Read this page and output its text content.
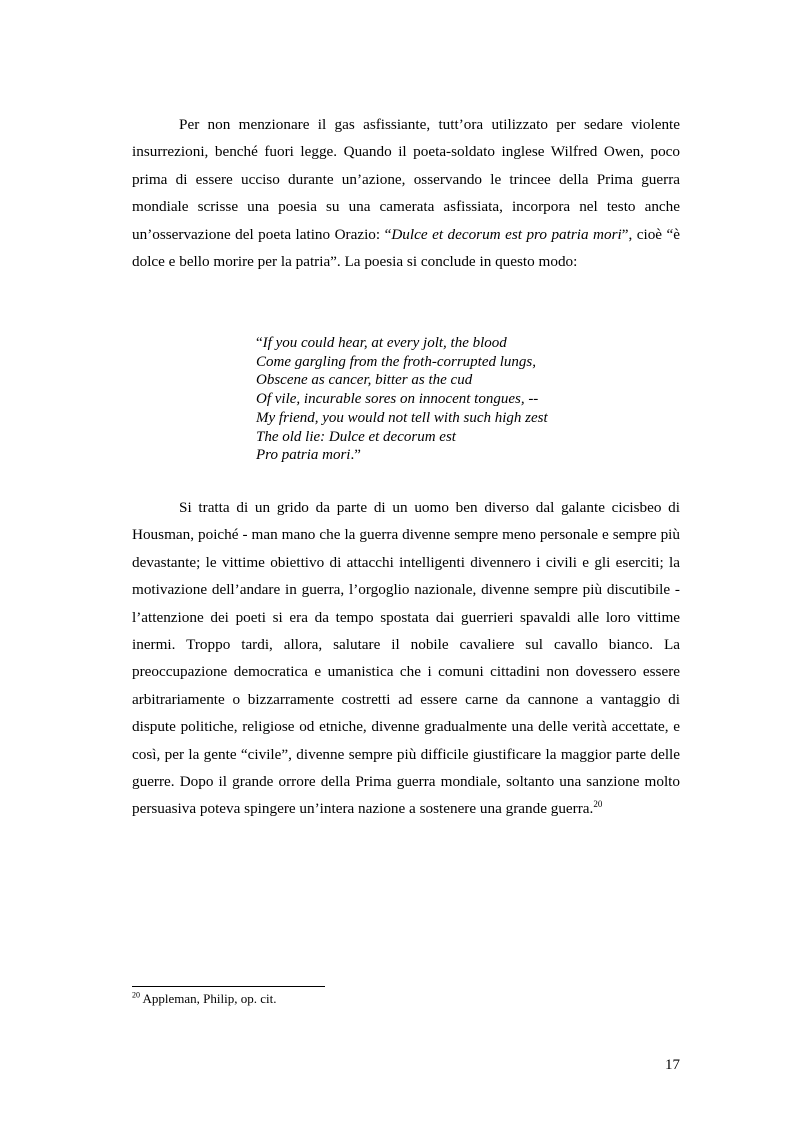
Per non menzionare il gas asfissiante, tutt’ora utilizzato per sedare violente insurrezioni, benché fuori legge. Quando il poeta-soldato inglese Wilfred Owen, poco prima di essere ucciso durante un’azione, osservando le trincee della Prima guerra mondiale scrisse una poesia su una camerata asfissiata, incorpora nel testo anche un’osservazione del poeta latino Orazio: “Dulce et decorum est pro patria mori”, cioè “è dolce e bello morire per la patria”. La poesia si conclude in questo modo:

“If you could hear, at every jolt, the blood
Come gargling from the froth-corrupted lungs,
Obscene as cancer, bitter as the cud
Of vile, incurable sores on innocent tongues, --
My friend, you would not tell with such high zest
The old lie: Dulce et decorum est
Pro patria mori.”

Si tratta di un grido da parte di un uomo ben diverso dal galante cicisbeo di Housman, poiché - man mano che la guerra divenne sempre meno personale e sempre più devastante; le vittime obiettivo di attacchi intelligenti divennero i civili e gli eserciti; la motivazione dell’andare in guerra, l’orgoglio nazionale, divenne sempre più discutibile - l’attenzione dei poeti si era da tempo spostata dai guerrieri spavaldi alle loro vittime inermi. Troppo tardi, allora, salutare il nobile cavaliere sul cavallo bianco. La preoccupazione democratica e umanistica che i comuni cittadini non dovessero essere arbitrariamente o bizzarramente costretti ad essere carne da cannone a vantaggio di dispute politiche, religiose od etniche, divenne gradualmente una delle verità accettate, e così, per la gente “civile”, divenne sempre più difficile giustificare la maggior parte delle guerre. Dopo il grande orrore della Prima guerra mondiale, soltanto una sanzione molto persuasiva poteva spingere un’intera nazione a sostenere una grande guerra.$^{20}$

$^{20}$ Appleman, Philip, op. cit.

17
